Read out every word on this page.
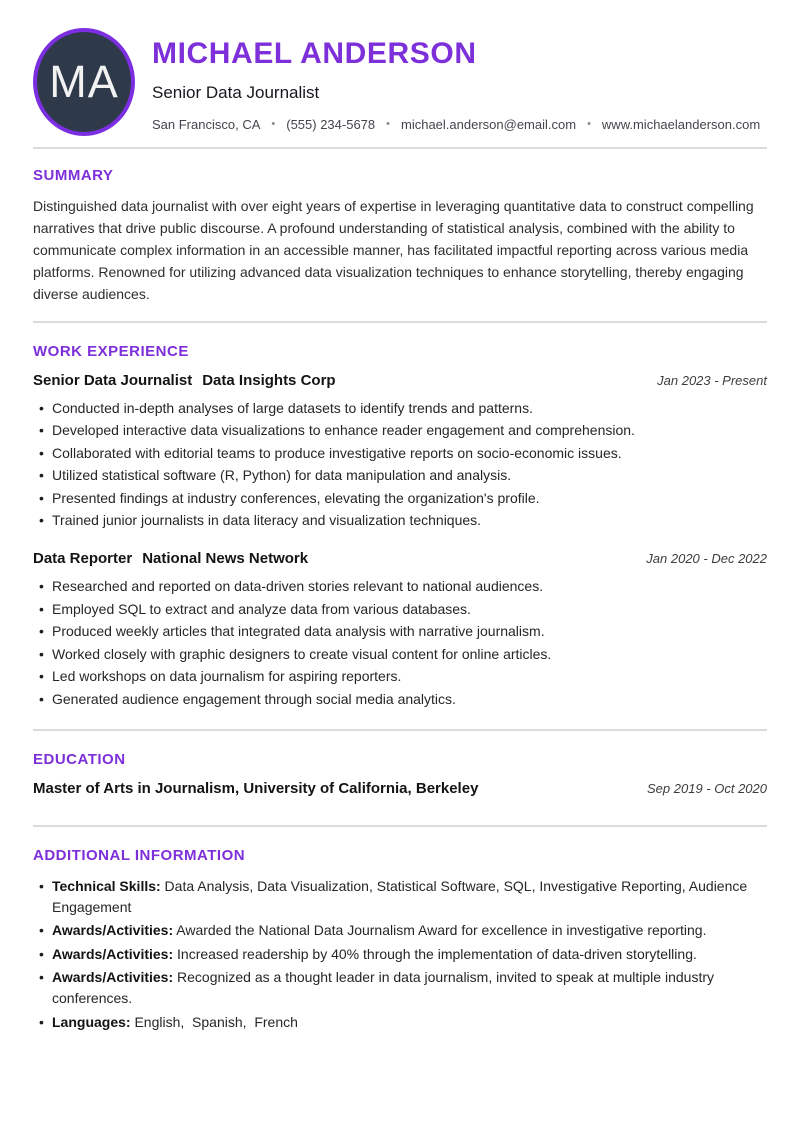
MA
MICHAEL ANDERSON
Senior Data Journalist
San Francisco, CA • (555) 234-5678 • michael.anderson@email.com • www.michaelanderson.com
SUMMARY

Distinguished data journalist with over eight years of expertise in leveraging quantitative data to construct compelling narratives that drive public discourse. A profound understanding of statistical analysis, combined with the ability to communicate complex information in an accessible manner, has facilitated impactful reporting across various media platforms. Renowned for utilizing advanced data visualization techniques to enhance storytelling, thereby engaging diverse audiences.

WORK EXPERIENCE
Senior Data Journalist Data Insights Corp	Jan 2023 - Present
• Conducted in-depth analyses of large datasets to identify trends and patterns.
• Developed interactive data visualizations to enhance reader engagement and comprehension.
• Collaborated with editorial teams to produce investigative reports on socio-economic issues.
• Utilized statistical software (R, Python) for data manipulation and analysis.
• Presented findings at industry conferences, elevating the organization's profile.
• Trained junior journalists in data literacy and visualization techniques.
Data Reporter National News Network	Jan 2020 - Dec 2022
• Researched and reported on data-driven stories relevant to national audiences.
• Employed SQL to extract and analyze data from various databases.
• Produced weekly articles that integrated data analysis with narrative journalism.
• Worked closely with graphic designers to create visual content for online articles.
• Led workshops on data journalism for aspiring reporters.
• Generated audience engagement through social media analytics.
EDUCATION
Master of Arts in Journalism, University of California, Berkeley	Sep 2019 - Oct 2020
ADDITIONAL INFORMATION
• Technical Skills: Data Analysis, Data Visualization, Statistical Software, SQL, Investigative Reporting, Audience Engagement
• Awards/Activities: Awarded the National Data Journalism Award for excellence in investigative reporting.
• Awards/Activities: Increased readership by 40% through the implementation of data-driven storytelling.
• Awards/Activities: Recognized as a thought leader in data journalism, invited to speak at multiple industry conferences.
• Languages: English,  Spanish,  French
